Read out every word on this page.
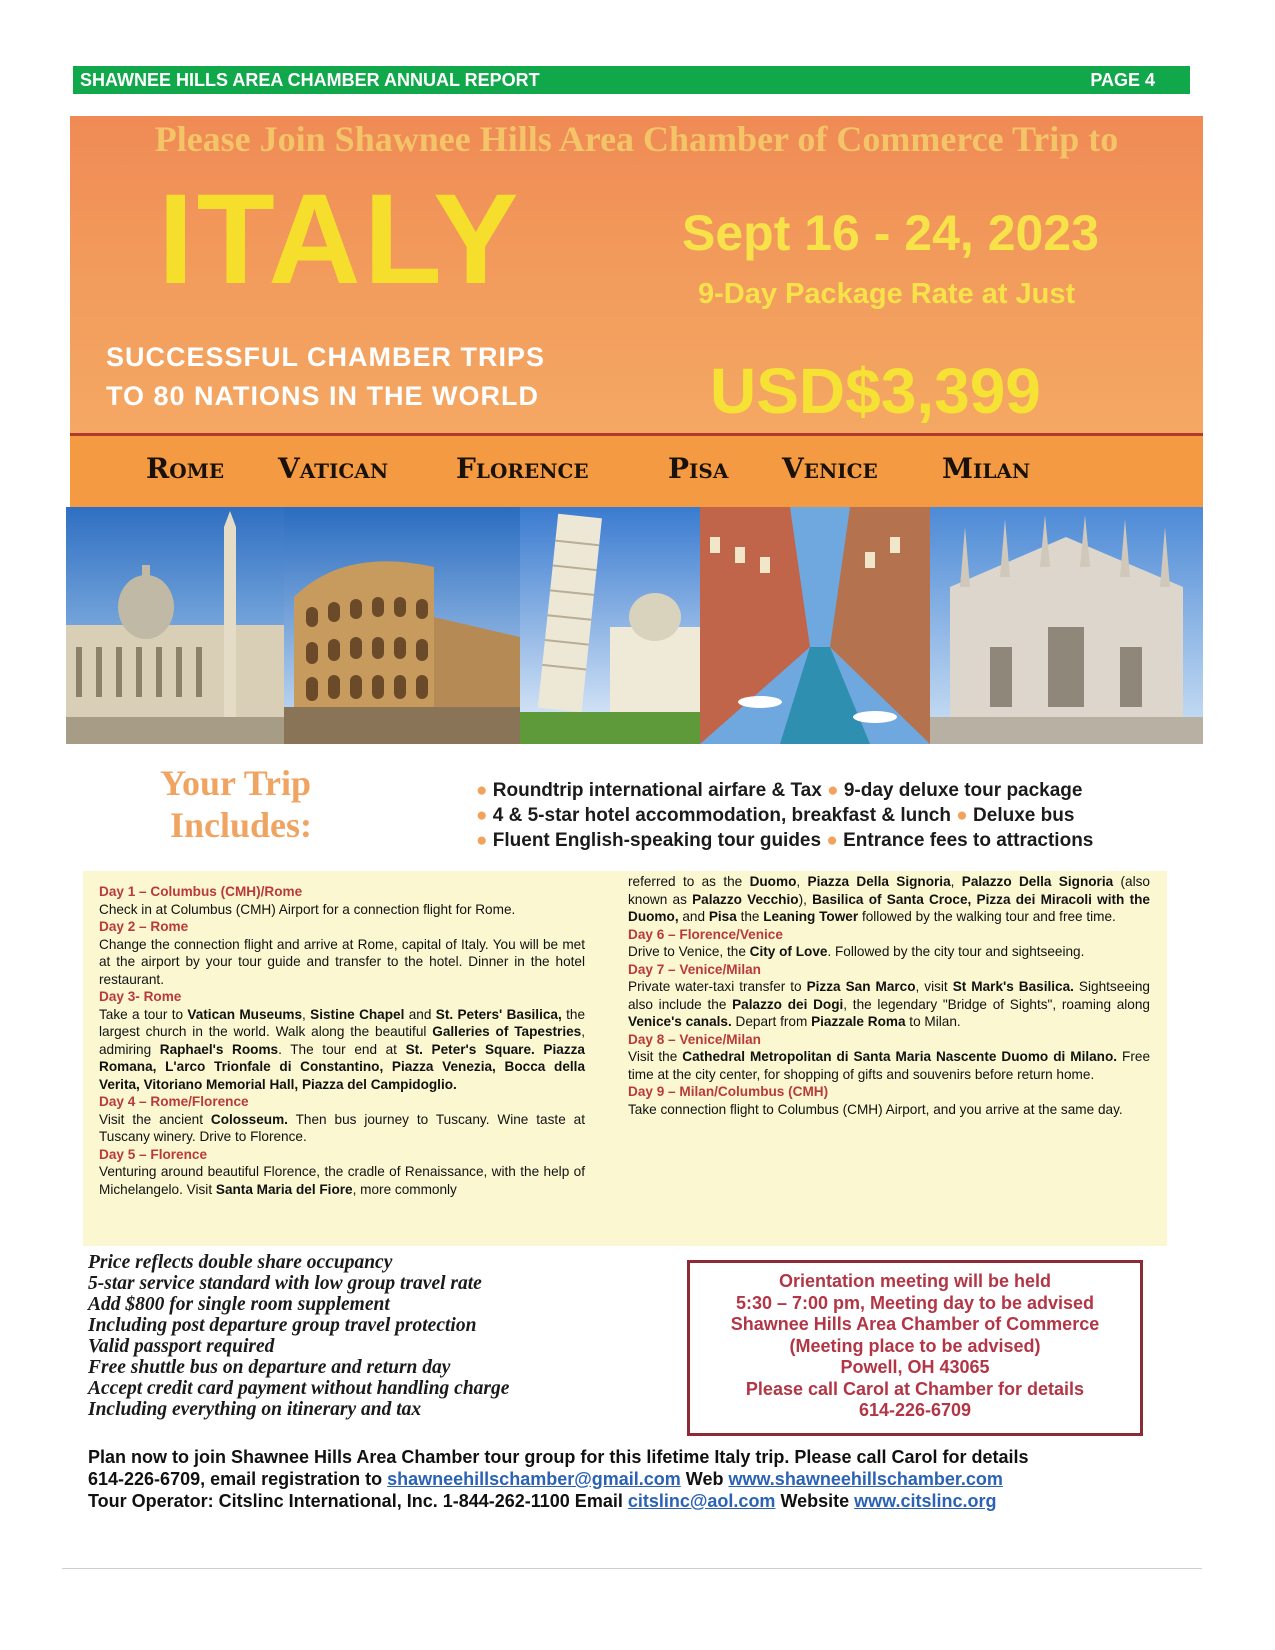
SHAWNEE HILLS AREA CHAMBER ANNUAL REPORT	PAGE 4
Please Join Shawnee Hills Area Chamber of Commerce Trip to
ITALY	Sept 16 - 24, 2023
9-Day Package Rate at Just
SUCCESSFUL CHAMBER TRIPS
TO 80 NATIONS IN THE WORLD	USD$3,399
Rome Vatican Florence	Pisa Venice Milan
Your Trip
Includes:
● Roundtrip international airfare & Tax ● 9-day deluxe tour package
● 4 & 5-star hotel accommodation, breakfast & lunch ● Deluxe bus
● Fluent English-speaking tour guides ● Entrance fees to attractions
Day 1 – Columbus (CMH)/Rome
Check in at Columbus (CMH) Airport for a connection flight for Rome.
Day 2 – Rome
Change the connection flight and arrive at Rome, capital of Italy. You will be met at the airport by your tour guide and transfer to the hotel. Dinner in the hotel restaurant.
Day 3- Rome
Take a tour to Vatican Museums, Sistine Chapel and St. Peters' Basilica, the largest church in the world. Walk along the beautiful Galleries of Tapestries, admiring Raphael's Rooms. The tour end at St. Peter's Square. Piazza Romana, L'arco Trionfale di Constantino, Piazza Venezia, Bocca della Verita, Vitoriano Memorial Hall, Piazza del Campidoglio.
Day 4 – Rome/Florence
Visit the ancient Colosseum. Then bus journey to Tuscany. Wine taste at Tuscany winery. Drive to Florence.
Day 5 – Florence
Venturing around beautiful Florence, the cradle of Renaissance, with the help of Michelangelo. Visit Santa Maria del Fiore, more commonly
referred to as the Duomo, Piazza Della Signoria, Palazzo Della Signoria (also known as Palazzo Vecchio), Basilica of Santa Croce, Pizza dei Miracoli with the Duomo, and Pisa the Leaning Tower followed by the walking tour and free time.
Day 6 – Florence/Venice
Drive to Venice, the City of Love. Followed by the city tour and sightseeing.
Day 7 – Venice/Milan
Private water-taxi transfer to Pizza San Marco, visit St Mark's Basilica. Sightseeing also include the Palazzo dei Dogi, the legendary "Bridge of Sights", roaming along Venice's canals. Depart from Piazzale Roma to Milan.
Day 8 – Venice/Milan
Visit the Cathedral Metropolitan di Santa Maria Nascente Duomo di Milano. Free time at the city center, for shopping of gifts and souvenirs before return home.
Day 9 – Milan/Columbus (CMH)
Take connection flight to Columbus (CMH) Airport, and you arrive at the same day.
Price reflects double share occupancy
5-star service standard with low group travel rate
Add $800 for single room supplement
Including post departure group travel protection
Valid passport required
Free shuttle bus on departure and return day
Accept credit card payment without handling charge
Including everything on itinerary and tax
Orientation meeting will be held
5:30 – 7:00 pm, Meeting day to be advised
Shawnee Hills Area Chamber of Commerce
(Meeting place to be advised)
Powell, OH 43065
Please call Carol at Chamber for details
614-226-6709
Plan now to join Shawnee Hills Area Chamber tour group for this lifetime Italy trip. Please call Carol for details
614-226-6709, email registration to shawneehillschamber@gmail.com Web www.shawneehillschamber.com
Tour Operator: Citslinc International, Inc. 1-844-262-1100 Email citslinc@aol.com Website www.citslinc.org
